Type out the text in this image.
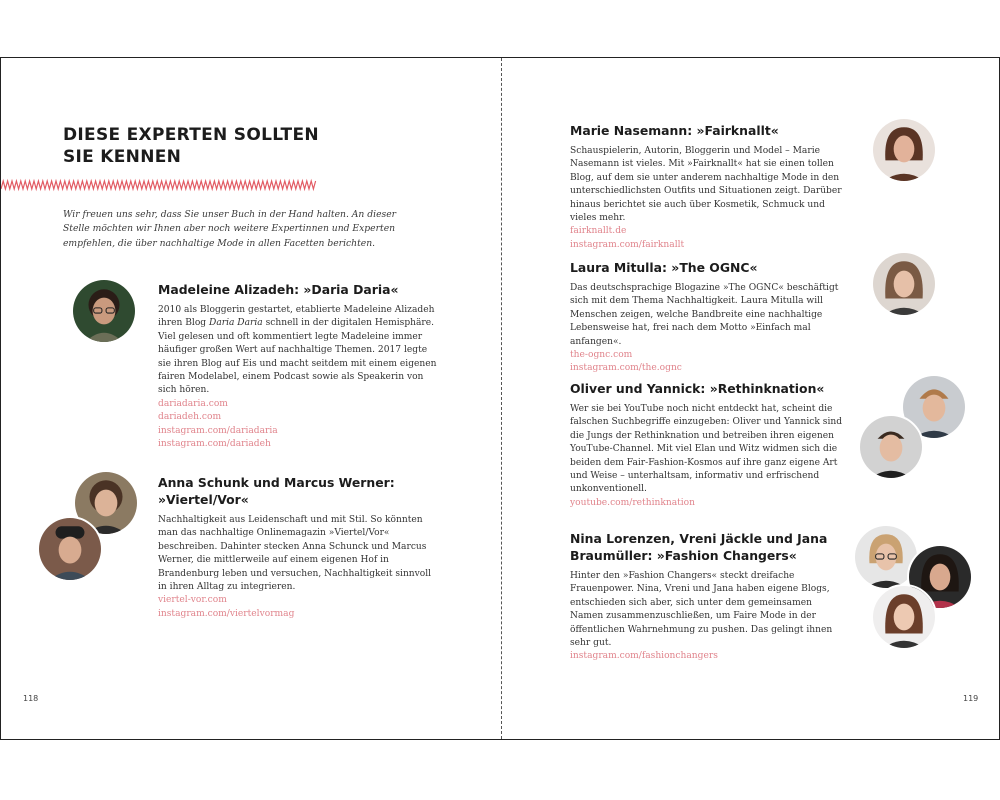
DIESE EXPERTEN SOLLTEN
SIE KENNEN

Wir freuen uns sehr, dass Sie unser Buch in der Hand halten. An dieser Stelle möchten wir Ihnen aber noch weitere Expertinnen und Experten empfehlen, die über nachhaltige Mode in allen Facetten berichten.

Madeleine Alizadeh: »Daria Daria«

2010 als Bloggerin gestartet, etablierte Madeleine Alizadeh ihren Blog Daria Daria schnell in der digitalen Hemisphäre. Viel gelesen und oft kommentiert legte Madeleine immer häufiger großen Wert auf nachhaltige Themen. 2017 legte sie ihren Blog auf Eis und macht seitdem mit einem eigenen fairen Modelabel, einem Podcast sowie als Speakerin von sich hören.

dariadaria.com
dariadeh.com
instagram.com/dariadaria
instagram.com/dariadeh
Anna Schunk und Marcus Werner: »Viertel/Vor«

Nachhaltigkeit aus Leidenschaft und mit Stil. So könnten man das nachhaltige Onlinemagazin »Viertel/Vor« beschreiben. Dahinter stecken Anna Schunck und Marcus Werner, die mittlerweile auf einem eigenen Hof in Brandenburg leben und versuchen, Nachhaltigkeit sinnvoll in ihren Alltag zu integrieren.

viertel-vor.com
instagram.com/viertelvormag
118
Marie Nasemann: »Fairknallt«

Schauspielerin, Autorin, Bloggerin und Model – Marie Nasemann ist vieles. Mit »Fairknallt« hat sie einen tollen Blog, auf dem sie unter anderem nachhaltige Mode in den unterschiedlichsten Outfits und Situationen zeigt. Darüber hinaus berichtet sie auch über Kosmetik, Schmuck und vieles mehr.

fairknallt.de
instagram.com/fairknallt
Laura Mitulla: »The OGNC«

Das deutschsprachige Blogazine »The OGNC« beschäftigt sich mit dem Thema Nachhaltigkeit. Laura Mitulla will Menschen zeigen, welche Bandbreite eine nachhaltige Lebensweise hat, frei nach dem Motto »Einfach mal anfangen«.

the-ognc.com
instagram.com/the.ognc
Oliver und Yannick: »Rethinknation«

Wer sie bei YouTube noch nicht entdeckt hat, scheint die falschen Suchbegriffe einzugeben: Oliver und Yannick sind die Jungs der Rethinknation und betreiben ihren eigenen YouTube-Channel. Mit viel Elan und Witz widmen sich die beiden dem Fair-Fashion-Kosmos auf ihre ganz eigene Art und Weise – unterhaltsam, informativ und erfrischend unkonventionell.

youtube.com/rethinknation
Nina Lorenzen, Vreni Jäckle und Jana Braumüller: »Fashion Changers«

Hinter den »Fashion Changers« steckt dreifache Frauenpower. Nina, Vreni und Jana haben eigene Blogs, entschieden sich aber, sich unter dem gemeinsamen Namen zusammenzuschließen, um Faire Mode in der öffentlichen Wahrnehmung zu pushen. Das gelingt ihnen sehr gut.

instagram.com/fashionchangers
119
